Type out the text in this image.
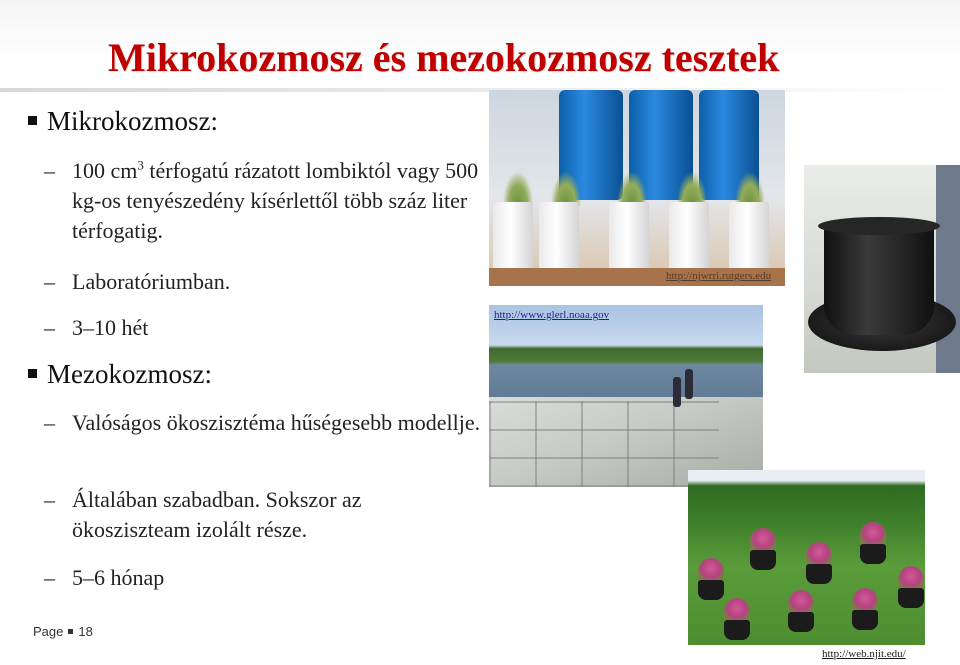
Mikrokozmosz és mezokozmosz tesztek
Mikrokozmosz:
– 100 $cm^3$ térfogatú rázatott lombiktól vagy 500 kg-os tenyészedény kísérlettől több száz liter térfogatig.
– Laboratóriumban.
– 3–10 hét
Mezokozmosz:
– Valóságos ökoszisztéma hűségesebb modellje.
– Általában szabadban. Sokszor az ökosziszteam izolált része.
– 5–6 hónap
http://njwrri.rutgers.edu
http://www.glerl.noaa.gov
http://web.njit.edu/
Page 18
